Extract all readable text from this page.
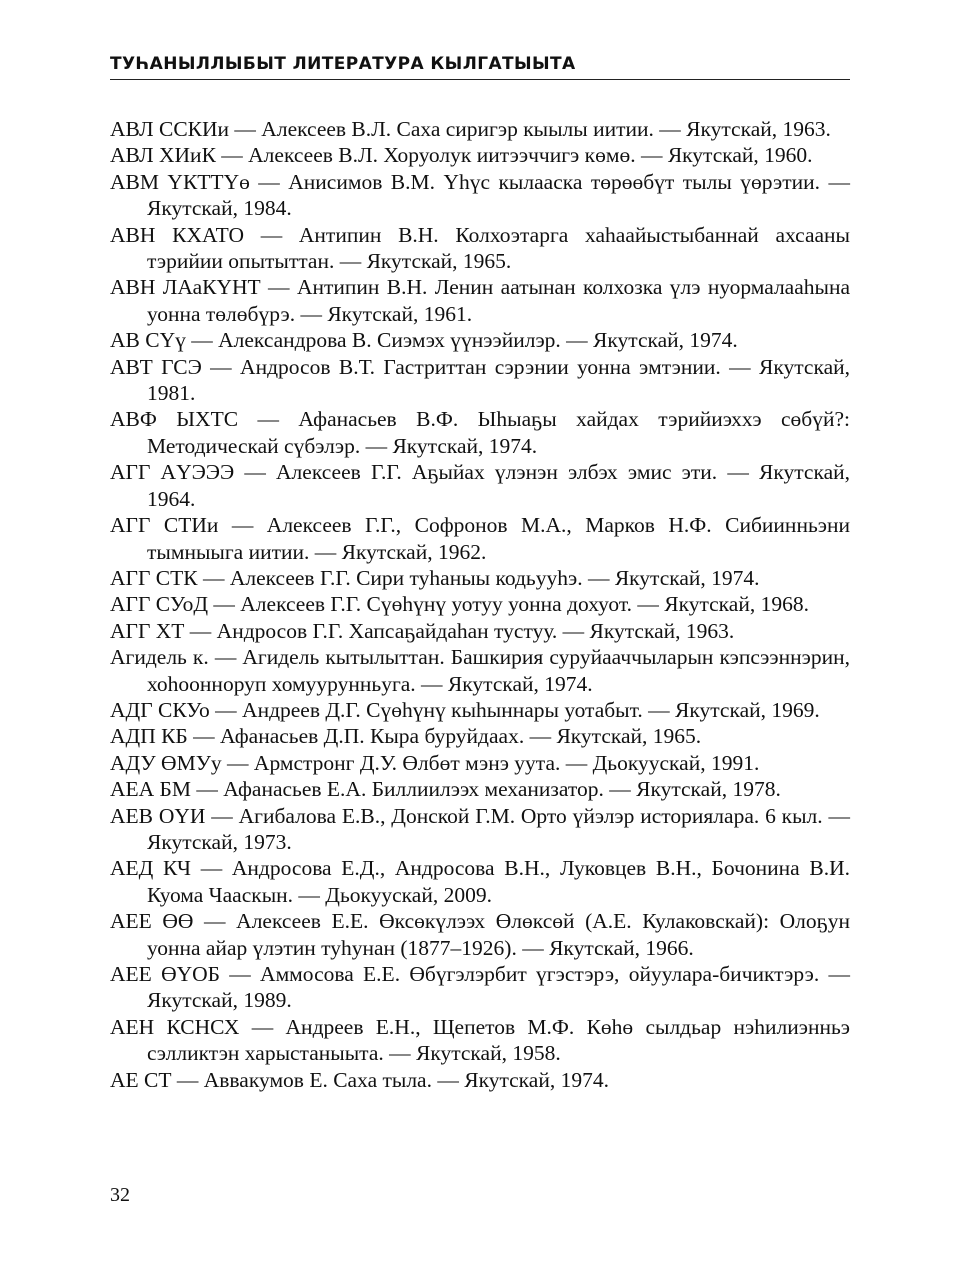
ТУҺАНЫЛЛЫБЫТ ЛИТЕРАТУРА КЫЛГАТЫЫТА
АВЛ ССКИи — Алексеев В.Л. Саха сиригэр кыылы иитии. — Якутскай, 1963.
АВЛ ХИиК — Алексеев В.Л. Хоруолук иитээччигэ көмө. — Якутскай, 1960.
АВМ ҮКТТҮө — Анисимов В.М. Үһүс кылааска төрөөбүт тылы үөрэтии. — Якутскай, 1984.
АВН КХАТО — Антипин В.Н. Колхоэтарга хаһаайыстыбаннай ахсааны тэрийии опытыттан. — Якутскай, 1965.
АВН ЛАаКҮНТ — Антипин В.Н. Ленин аатынан колхозка үлэ нуормалааһына уонна төлөбүрэ. — Якутскай, 1961.
АВ СҮү — Александрова В. Сиэмэх үүнээйилэр. — Якутскай, 1974.
АВТ ГСЭ — Андросов В.Т. Гастриттан сэрэнии уонна эмтэнии. — Якутскай, 1981.
АВФ ЫХТС — Афанасьев В.Ф. Ыһыаҕы хайдах тэрийиэххэ сөбүй?: Методическай сүбэлэр. — Якутскай, 1974.
АГГ АҮЭЭЭ — Алексеев Г.Г. Аҕыйах үлэнэн элбэх эмис эти. — Якутскай, 1964.
АГГ СТИи — Алексеев Г.Г., Софронов М.А., Марков Н.Ф. Сибиинньэни тымныыга иитии. — Якутскай, 1962.
АГГ СТК — Алексеев Г.Г. Сири туһаныы кодьууһэ. — Якутскай, 1974.
АГГ СУоД — Алексеев Г.Г. Сүөһүнү уотуу уонна дохуот. — Якутскай, 1968.
АГГ ХТ — Андросов Г.Г. Хапсаҕайдаһан тустуу. — Якутскай, 1963.
Агидель к. — Агидель кытылыттан. Башкирия суруйааччыларын кэпсээннэрин, хоһоонноруп хомуурунньуга. — Якутскай, 1974.
АДГ СКУо — Андреев Д.Г. Сүөһүнү кыһыннары уотабыт. — Якутскай, 1969.
АДП КБ — Афанасьев Д.П. Кыра буруйдаах. — Якутскай, 1965.
АДУ ӨМУу — Армстронг Д.У. Өлбөт мэнэ уута. — Дьокуускай, 1991.
АЕА БМ — Афанасьев Е.А. Биллиилээх механизатор. — Якутскай, 1978.
АЕВ ОҮИ — Агибалова Е.В., Донской Г.М. Орто үйэлэр историялара. 6 кыл. — Якутскай, 1973.
АЕД КЧ — Андросова Е.Д., Андросова В.Н., Луковцев В.Н., Бочонина В.И. Куома Чааскын. — Дьокуускай, 2009.
АЕЕ ӨӨ — Алексеев Е.Е. Өксөкүлээх Өлөксөй (А.Е. Кулаковскай): Олоҕун уонна айар үлэтин туһунан (1877–1926). — Якутскай, 1966.
АЕЕ ӨҮОБ — Аммосова Е.Е. Өбүгэлэрбит үгэстэрэ, ойуулара-бичиктэрэ. — Якутскай, 1989.
АЕН КСНСХ — Андреев Е.Н., Щепетов М.Ф. Көһө сылдьар нэһилиэнньэ сэлликтэн харыстаныыта. — Якутскай, 1958.
АЕ СТ — Аввакумов Е. Саха тыла. — Якутскай, 1974.
32
